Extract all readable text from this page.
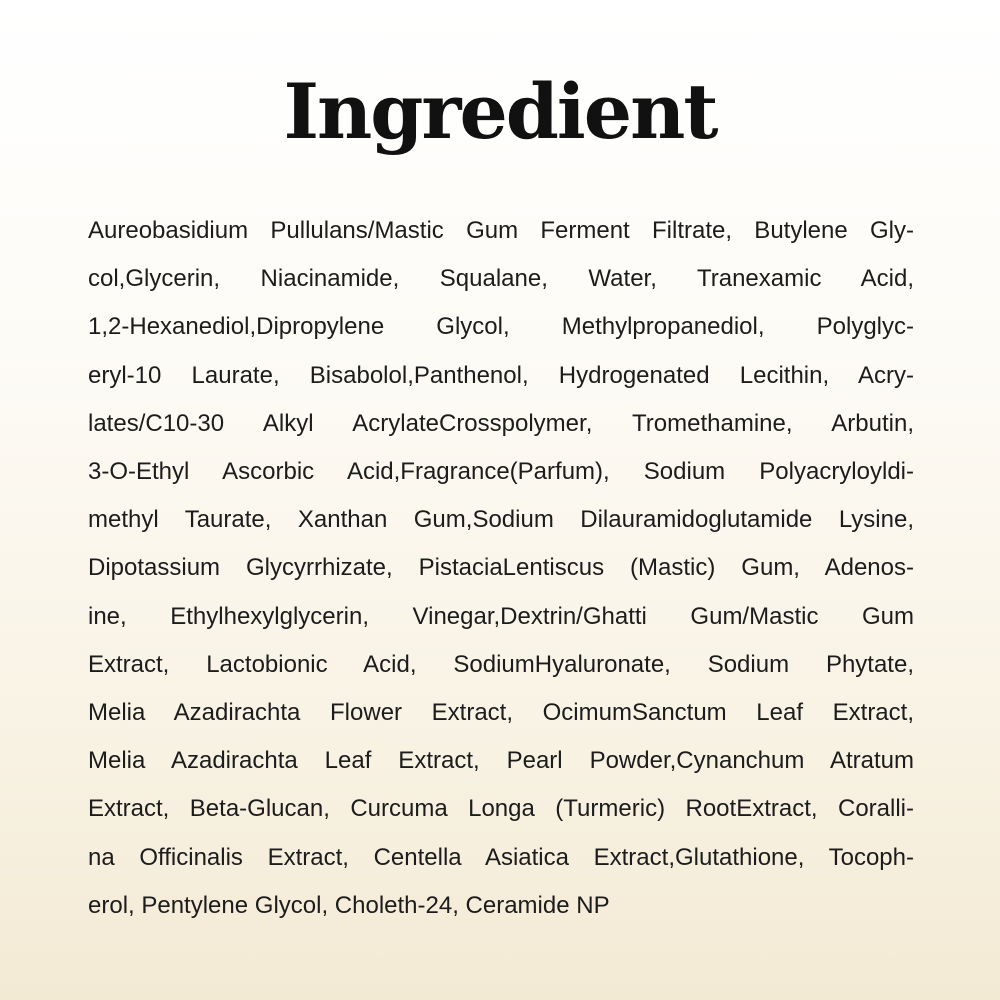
Ingredient
Aureobasidium Pullulans/Mastic Gum Ferment Filtrate, Butylene Gly-
col,Glycerin, Niacinamide, Squalane, Water, Tranexamic Acid,
1,2-Hexanediol,Dipropylene Glycol, Methylpropanediol, Polyglyc-
eryl-10 Laurate, Bisabolol,Panthenol, Hydrogenated Lecithin, Acry-
lates/C10-30 Alkyl AcrylateCrosspolymer, Tromethamine, Arbutin,
3-O-Ethyl Ascorbic Acid,Fragrance(Parfum), Sodium Polyacryloyldi-
methyl Taurate, Xanthan Gum,Sodium Dilauramidoglutamide Lysine,
Dipotassium Glycyrrhizate, PistaciaLentiscus (Mastic) Gum, Adenos-
ine, Ethylhexylglycerin, Vinegar,Dextrin/Ghatti Gum/Mastic Gum
Extract, Lactobionic Acid, SodiumHyaluronate, Sodium Phytate,
Melia Azadirachta Flower Extract, OcimumSanctum Leaf Extract,
Melia Azadirachta Leaf Extract, Pearl Powder,Cynanchum Atratum
Extract, Beta-Glucan, Curcuma Longa (Turmeric) RootExtract, Coralli-
na Officinalis Extract, Centella Asiatica Extract,Glutathione, Tocoph-
erol, Pentylene Glycol, Choleth-24, Ceramide NP
